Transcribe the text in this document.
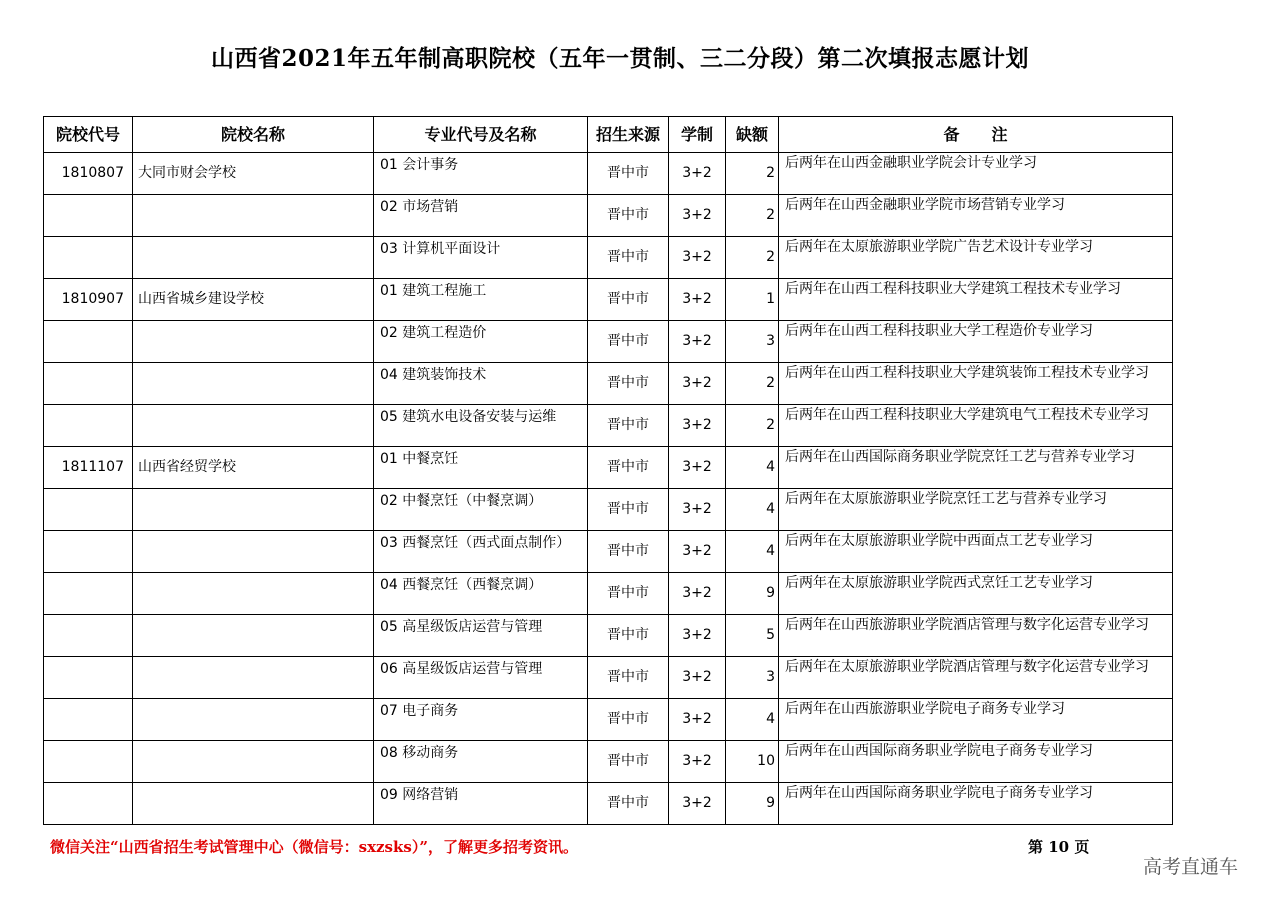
山西省2021年五年制高职院校（五年一贯制、三二分段）第二次填报志愿计划
院校代号	院校名称	专业代号及名称	招生来源	学制	缺额	备　　注
1810807	大同市财会学校	01 会计事务	晋中市	3+2	2	后两年在山西金融职业学院会计专业学习
		02 市场营销	晋中市	3+2	2	后两年在山西金融职业学院市场营销专业学习
		03 计算机平面设计	晋中市	3+2	2	后两年在太原旅游职业学院广告艺术设计专业学习
1810907	山西省城乡建设学校	01 建筑工程施工	晋中市	3+2	1	后两年在山西工程科技职业大学建筑工程技术专业学习
		02 建筑工程造价	晋中市	3+2	3	后两年在山西工程科技职业大学工程造价专业学习
		04 建筑装饰技术	晋中市	3+2	2	后两年在山西工程科技职业大学建筑装饰工程技术专业学习
		05 建筑水电设备安装与运维	晋中市	3+2	2	后两年在山西工程科技职业大学建筑电气工程技术专业学习
1811107	山西省经贸学校	01 中餐烹饪	晋中市	3+2	4	后两年在山西国际商务职业学院烹饪工艺与营养专业学习
		02 中餐烹饪（中餐烹调）	晋中市	3+2	4	后两年在太原旅游职业学院烹饪工艺与营养专业学习
		03 西餐烹饪（西式面点制作）	晋中市	3+2	4	后两年在太原旅游职业学院中西面点工艺专业学习
		04 西餐烹饪（西餐烹调）	晋中市	3+2	9	后两年在太原旅游职业学院西式烹饪工艺专业学习
		05 高星级饭店运营与管理	晋中市	3+2	5	后两年在山西旅游职业学院酒店管理与数字化运营专业学习
		06 高星级饭店运营与管理	晋中市	3+2	3	后两年在太原旅游职业学院酒店管理与数字化运营专业学习
		07 电子商务	晋中市	3+2	4	后两年在山西旅游职业学院电子商务专业学习
		08 移动商务	晋中市	3+2	10	后两年在山西国际商务职业学院电子商务专业学习
		09 网络营销	晋中市	3+2	9	后两年在山西国际商务职业学院电子商务专业学习
微信关注“山西省招生考试管理中心（微信号：sxzsks）”，了解更多招考资讯。	第 10 页
高考直通车
